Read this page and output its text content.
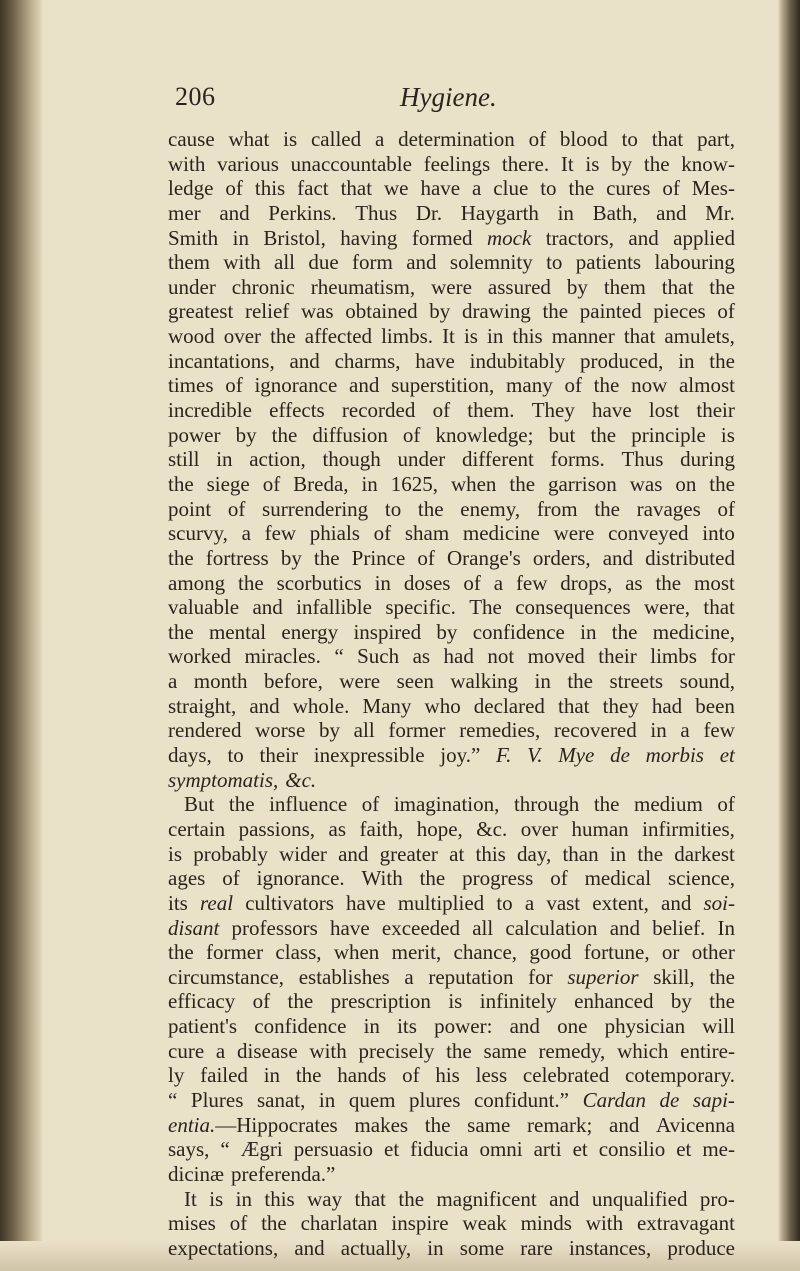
206	Hygiene.
cause what is called a determination of blood to that part,
with various unaccountable feelings there. It is by the know-
ledge of this fact that we have a clue to the cures of Mes-
mer and Perkins. Thus Dr. Haygarth in Bath, and Mr.
Smith in Bristol, having formed mock tractors, and applied
them with all due form and solemnity to patients labouring
under chronic rheumatism, were assured by them that the
greatest relief was obtained by drawing the painted pieces of
wood over the affected limbs. It is in this manner that amulets,
incantations, and charms, have indubitably produced, in the
times of ignorance and superstition, many of the now almost
incredible effects recorded of them. They have lost their
power by the diffusion of knowledge; but the principle is
still in action, though under different forms. Thus during
the siege of Breda, in 1625, when the garrison was on the
point of surrendering to the enemy, from the ravages of
scurvy, a few phials of sham medicine were conveyed into
the fortress by the Prince of Orange's orders, and distributed
among the scorbutics in doses of a few drops, as the most
valuable and infallible specific. The consequences were, that
the mental energy inspired by confidence in the medicine,
worked miracles. “ Such as had not moved their limbs for
a month before, were seen walking in the streets sound,
straight, and whole. Many who declared that they had been
rendered worse by all former remedies, recovered in a few
days, to their inexpressible joy.” F. V. Mye de morbis et
symptomatis, &c.
But the influence of imagination, through the medium of
certain passions, as faith, hope, &c. over human infirmities,
is probably wider and greater at this day, than in the darkest
ages of ignorance. With the progress of medical science,
its real cultivators have multiplied to a vast extent, and soi-
disant professors have exceeded all calculation and belief. In
the former class, when merit, chance, good fortune, or other
circumstance, establishes a reputation for superior skill, the
efficacy of the prescription is infinitely enhanced by the
patient's confidence in its power: and one physician will
cure a disease with precisely the same remedy, which entire-
ly failed in the hands of his less celebrated cotemporary.
“ Plures sanat, in quem plures confidunt.” Cardan de sapi-
entia.—Hippocrates makes the same remark; and Avicenna
says, “ Ægri persuasio et fiducia omni arti et consilio et me-
dicinæ preferenda.”
It is in this way that the magnificent and unqualified pro-
mises of the charlatan inspire weak minds with extravagant
expectations, and actually, in some rare instances, produce
